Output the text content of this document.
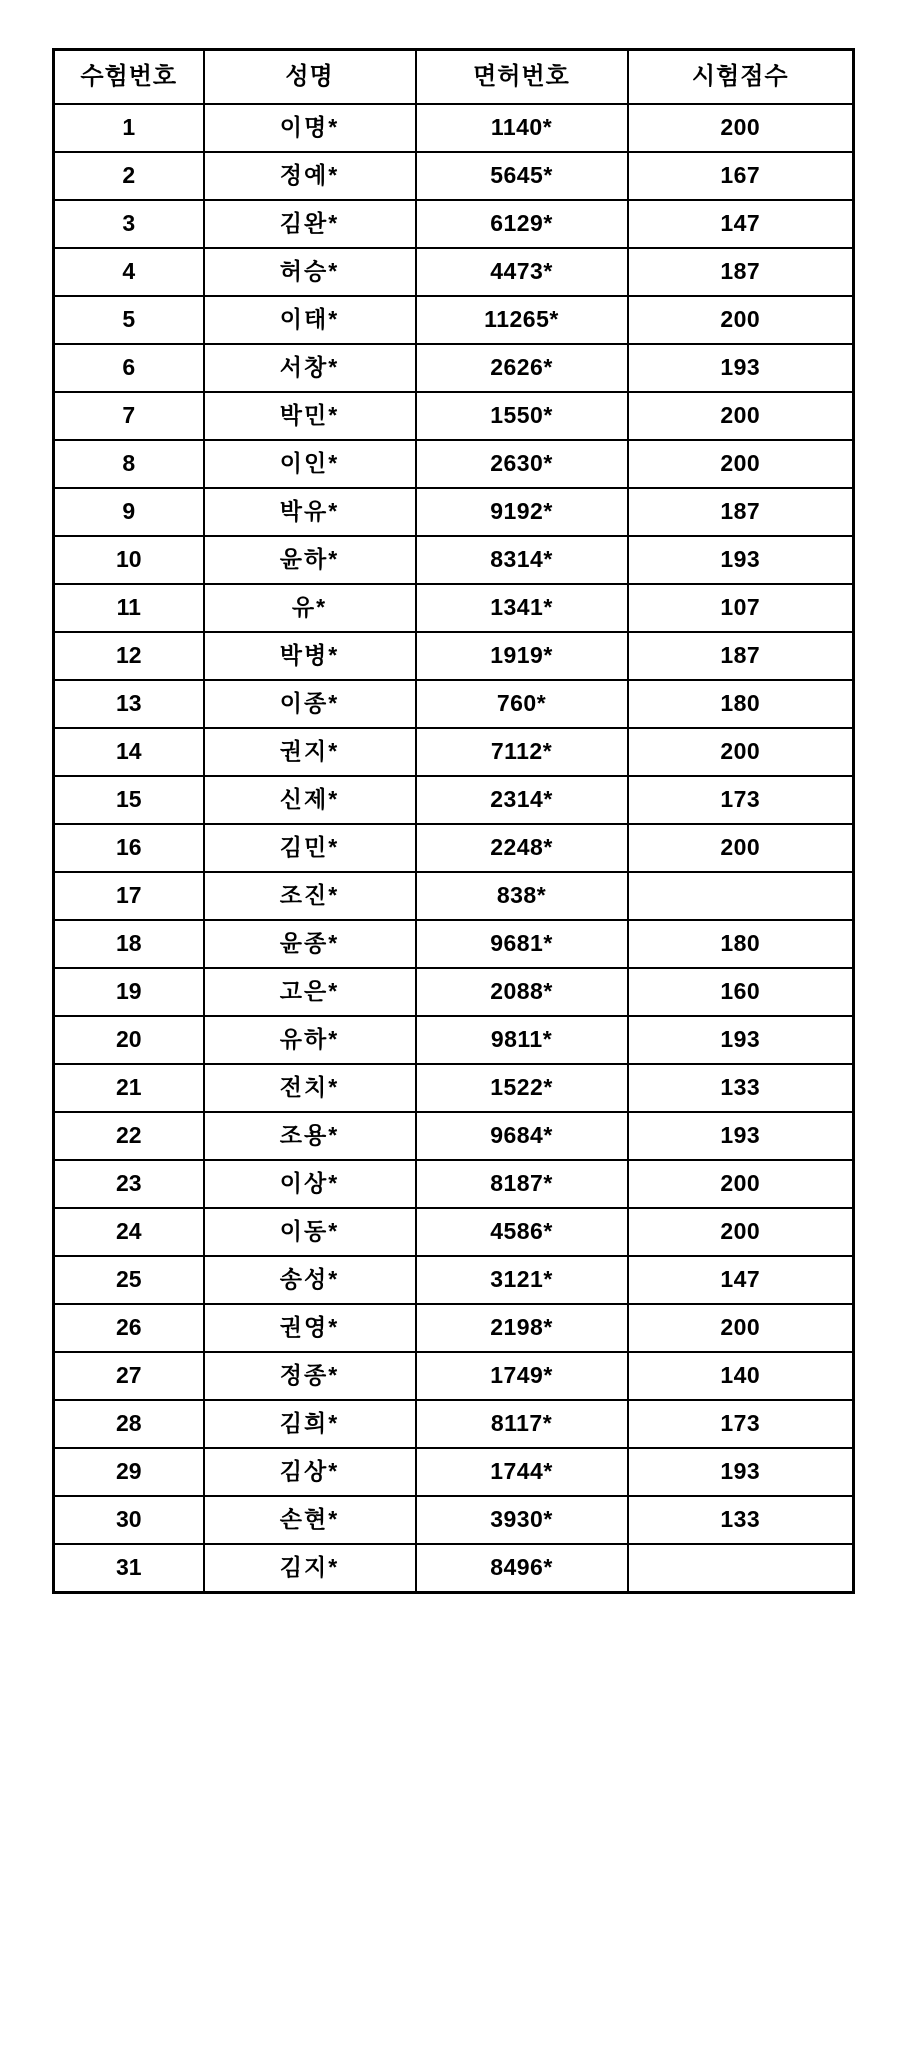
수험번호	성명	면허번호	시험점수
1	이명*	1140*	200
2	정예*	5645*	167
3	김완*	6129*	147
4	허승*	4473*	187
5	이태*	11265*	200
6	서창*	2626*	193
7	박민*	1550*	200
8	이인*	2630*	200
9	박유*	9192*	187
10	윤하*	8314*	193
11	유*	1341*	107
12	박병*	1919*	187
13	이종*	760*	180
14	권지*	7112*	200
15	신제*	2314*	173
16	김민*	2248*	200
17	조진*	838*	
18	윤종*	9681*	180
19	고은*	2088*	160
20	유하*	9811*	193
21	전치*	1522*	133
22	조용*	9684*	193
23	이상*	8187*	200
24	이동*	4586*	200
25	송성*	3121*	147
26	권영*	2198*	200
27	정종*	1749*	140
28	김희*	8117*	173
29	김상*	1744*	193
30	손현*	3930*	133
31	김지*	8496*	
